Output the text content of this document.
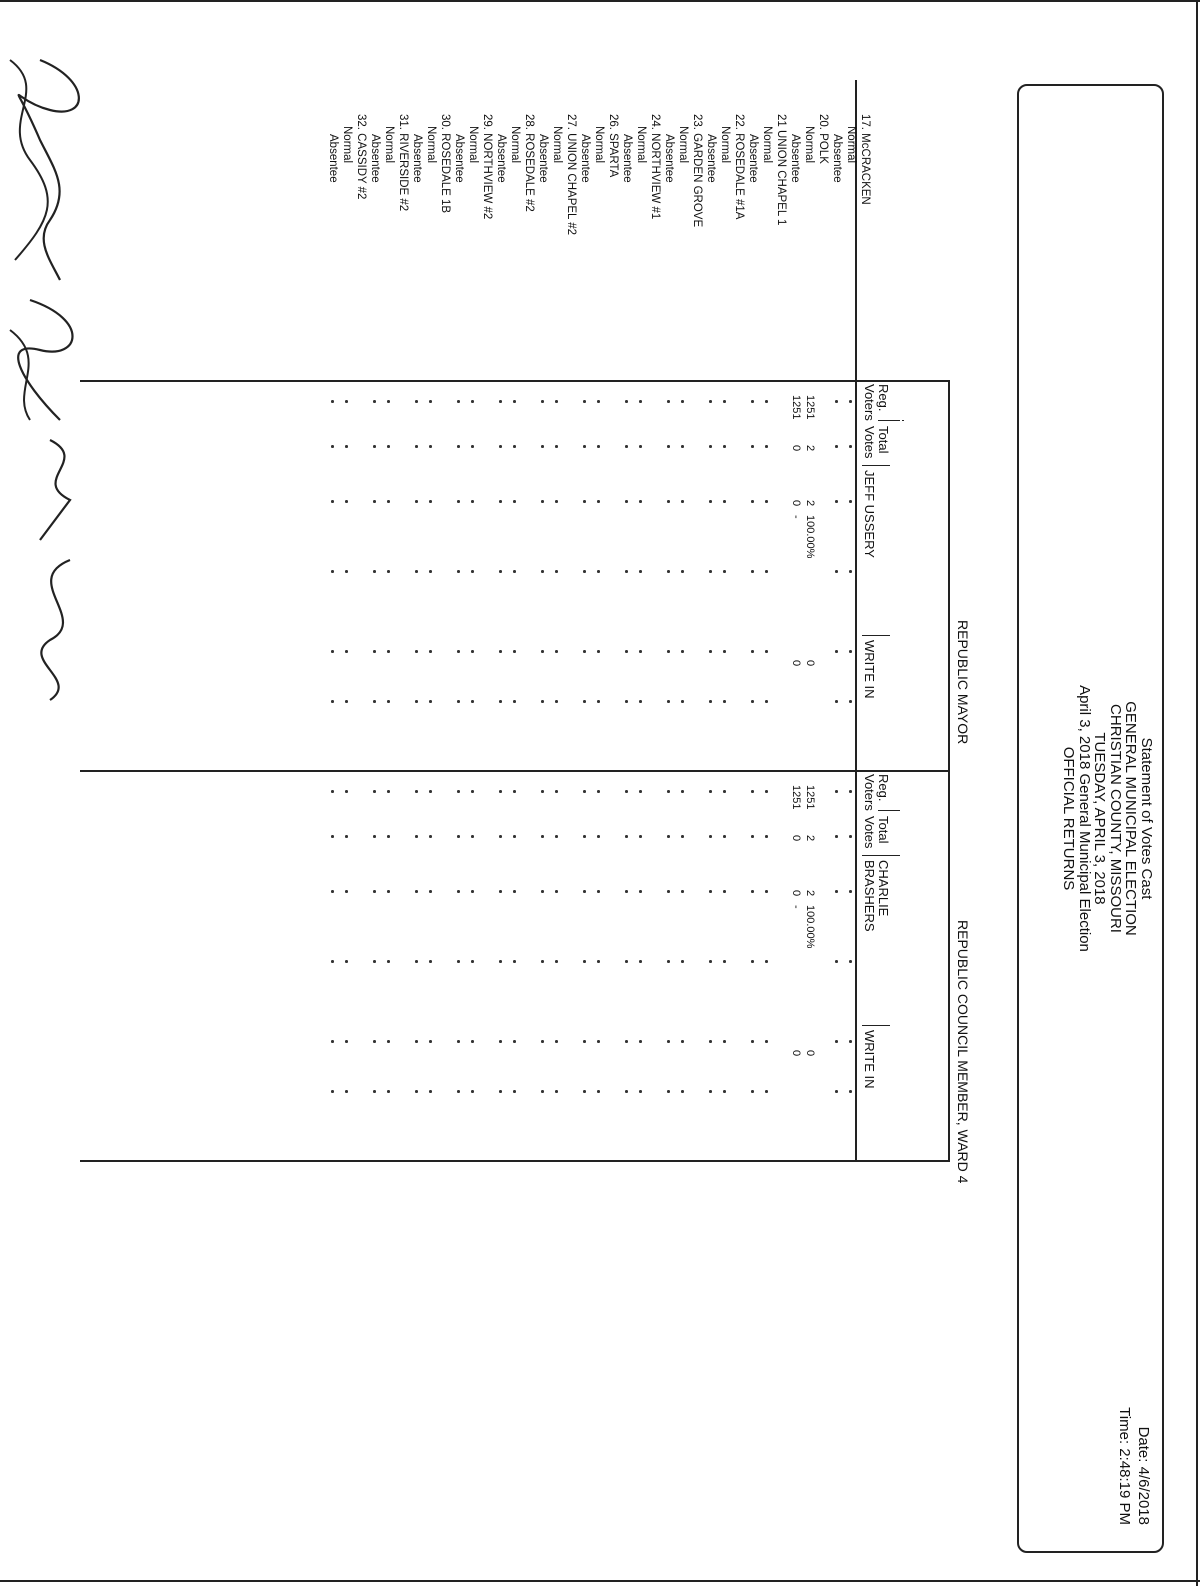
Statement of Votes Cast
GENERAL MUNICIPAL ELECTION
CHRISTIAN COUNTY, MISSOURI
TUESDAY, APRIL 3, 2018
April 3, 2018 General Municipal Election
OFFICIAL RETURNS
Date: 4/6/2018
Time: 2:48:19 PM
REPUBLIC MAYOR
REPUBLIC COUNCIL MEMBER, WARD 4
Reg.
Voters
Total
Votes
JEFF USSERY
WRITE IN
Reg.
Voters
Total
Votes
CHARLIE
BRASHERS
WRITE IN
17. McCRACKEN
Normal
Absentee
20. POLK
Normal
Absentee
21 UNION CHAPEL 1
Normal
Absentee
22. ROSEDALE #1A
Normal
Absentee
23. GARDEN GROVE
Normal
Absentee
24. NORTHVIEW #1
Normal
Absentee
26. SPARTA
Normal
Absentee
27. UNION CHAPEL #2
Normal
Absentee
28. ROSEDALE #2
Normal
Absentee
29. NORTHVIEW #2
Normal
Absentee
30. ROSEDALE 1B
Normal
Absentee
31. RIVERSIDE #2
Normal
Absentee
32. CASSIDY #2
Normal
Absentee
1251
2
2
100.00%
0
1251
2
2
100.00%
0
1251
0
0
-
0
1251
0
0
-
0
